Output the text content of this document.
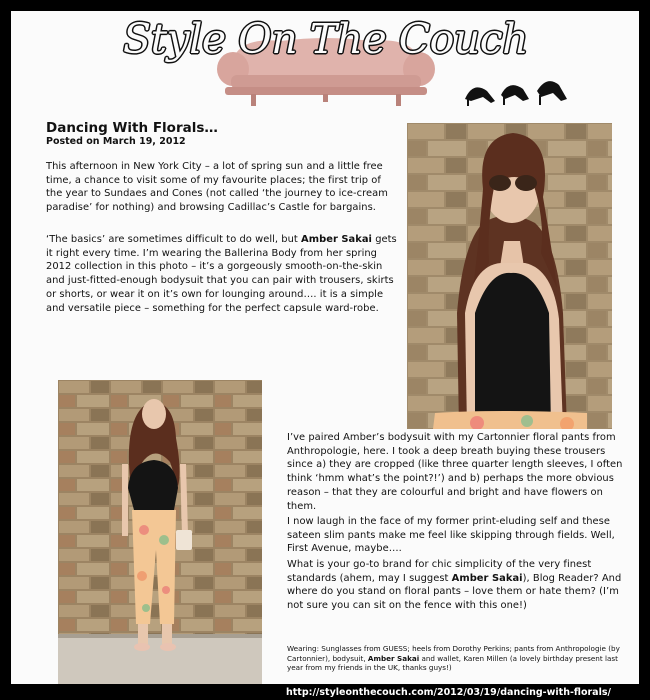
Style On The Couch
Dancing With Florals…
Posted on March 19, 2012

This afternoon in New York City – a lot of spring sun and a little free time, a chance to visit some of my favourite places; the first trip of the year to Sundaes and Cones (not called ‘the journey to ice-cream paradise’ for nothing) and browsing Cadillac’s Castle for bargains.

‘The basics’ are sometimes difficult to do well, but Amber Sakai gets it right every time. I’m wearing the Ballerina Body from her spring 2012 collection in this photo – it’s a gorgeously smooth-on-the-skin and just-fitted-enough bodysuit that you can pair with trousers, skirts or shorts, or wear it on it’s own for lounging around…. it is a simple and versatile piece – something for the perfect capsule ward-robe.

I’ve paired Amber’s bodysuit with my Cartonnier floral pants from Anthropologie, here. I took a deep breath buying these trousers since a) they are cropped (like three quarter length sleeves, I often think ‘hmm what’s the point?!’) and b) perhaps the more obvious reason – that they are colourful and bright and have flowers on them.

I now laugh in the face of my former print-eluding self and these sateen slim pants make me feel like skipping through fields. Well, First Avenue, maybe….

What is your go-to brand for chic simplicity of the very finest standards (ahem, may I suggest Amber Sakai), Blog Reader? And where do you stand on floral pants – love them or hate them? (I’m not sure you can sit on the fence with this one!)

Wearing: Sunglasses from GUESS; heels from Dorothy Perkins; pants from Anthropologie (by Cartonnier), bodysuit, Amber Sakai and wallet, Karen Millen (a lovely birthday present last year from my friends in the UK, thanks guys!)

http://styleonthecouch.com/2012/03/19/dancing-with-florals/
